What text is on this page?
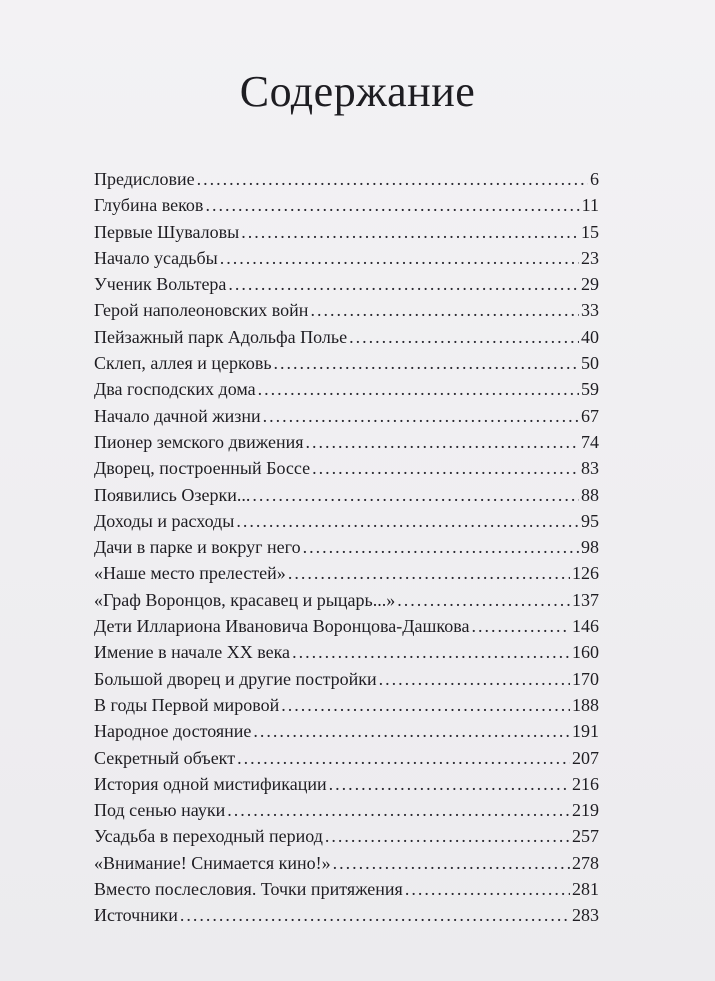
Содержание
Предисловие .....	6
Глубина веков .....	11
Первые Шуваловы .....	15
Начало усадьбы .....	23
Ученик Вольтера .....	29
Герой наполеоновских войн .....	33
Пейзажный парк Адольфа Полье .....	40
Склеп, аллея и церковь .....	50
Два господских дома .....	59
Начало дачной жизни .....	67
Пионер земского движения .....	74
Дворец, построенный Боссе .....	83
Появились Озерки... .....	88
Доходы и расходы .....	95
Дачи в парке и вокруг него .....	98
«Наше место прелестей» .....	126
«Граф Воронцов, красавец и рыцарь...» .....	137
Дети Иллариона Ивановича Воронцова-Дашкова .....	146
Имение в начале XX века .....	160
Большой дворец и другие постройки .....	170
В годы Первой мировой .....	188
Народное достояние .....	191
Секретный объект .....	207
История одной мистификации .....	216
Под сенью науки .....	219
Усадьба в переходный период .....	257
«Внимание! Снимается кино!» .....	278
Вместо послесловия. Точки притяжения .....	281
Источники .....	283
